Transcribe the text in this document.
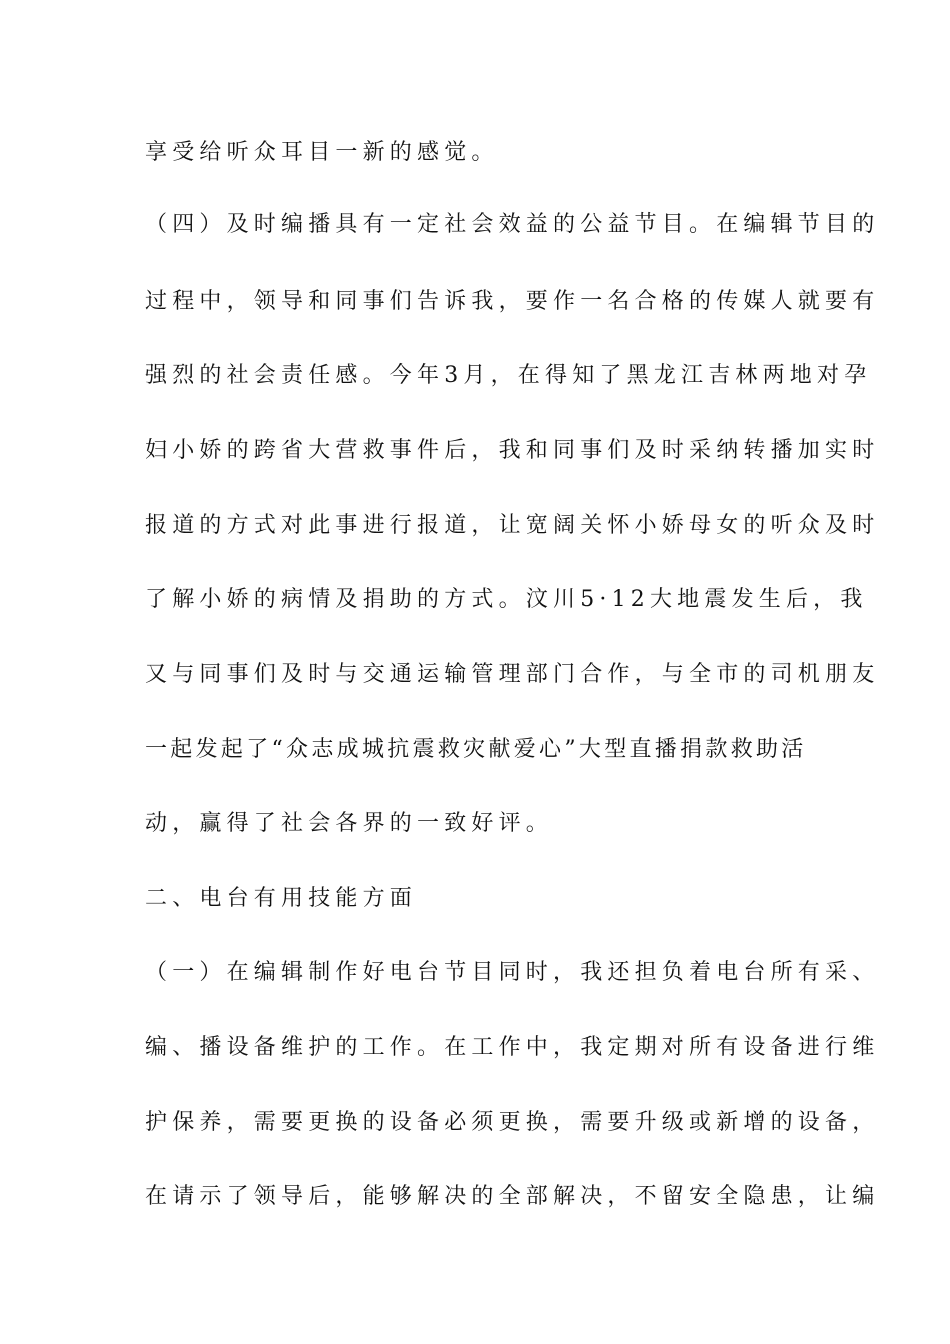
享受给听众耳目一新的感觉。
（四）及时编播具有一定社会效益的公益节目。在编辑节目的
过程中，领导和同事们告诉我，要作一名合格的传媒人就要有
强烈的社会责任感。今年3月，在得知了黑龙江吉林两地对孕
妇小娇的跨省大营救事件后，我和同事们及时采纳转播加实时
报道的方式对此事进行报道，让宽阔关怀小娇母女的听众及时
了解小娇的病情及捐助的方式。汶川5·12大地震发生后，我
又与同事们及时与交通运输管理部门合作，与全市的司机朋友
一起发起了“众志成城抗震救灾献爱心”大型直播捐款救助活
动，赢得了社会各界的一致好评。
二、电台有用技能方面
（一）在编辑制作好电台节目同时，我还担负着电台所有采、
编、播设备维护的工作。在工作中，我定期对所有设备进行维
护保养，需要更换的设备必须更换，需要升级或新增的设备，
在请示了领导后，能够解决的全部解决，不留安全隐患，让编
